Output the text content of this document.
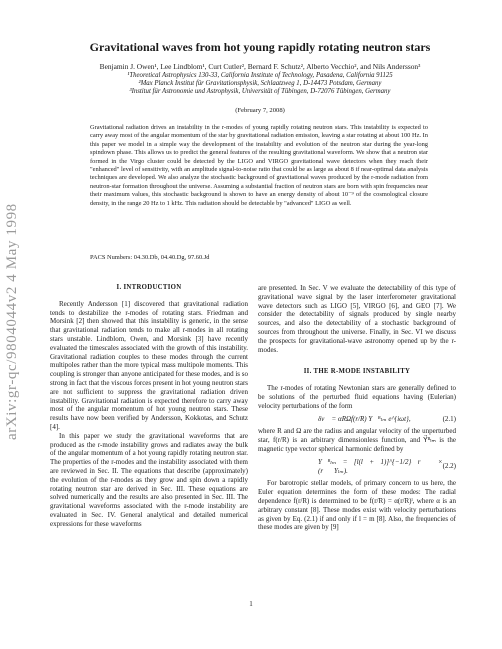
arXiv:gr-qc/9804044v2 4 May 1998
Gravitational waves from hot young rapidly rotating neutron stars
Benjamin J. Owen¹, Lee Lindblom¹, Curt Cutler², Bernard F. Schutz², Alberto Vecchio², and Nils Andersson³
¹Theoretical Astrophysics 130-33, California Institute of Technology, Pasadena, California 91125
²Max Planck Institut für Gravitationsphysik, Schlaatzweg 1, D-14473 Potsdam, Germany
³Institut für Astronomie und Astrophysik, Universität of Tübingen, D-72076 Tübingen, Germany
(February 7, 2008)

Gravitational radiation drives an instability in the r-modes of young rapidly rotating neutron stars. This instability is expected to carry away most of the angular momentum of the star by gravitational radiation emission, leaving a star rotating at about 100 Hz. In this paper we model in a simple way the development of the instability and evolution of the neutron star during the year-long spindown phase. This allows us to predict the general features of the resulting gravitational waveform. We show that a neutron star formed in the Virgo cluster could be detected by the LIGO and VIRGO gravitational wave detectors when they reach their "enhanced" level of sensitivity, with an amplitude signal-to-noise ratio that could be as large as about 8 if near-optimal data analysis techniques are developed. We also analyze the stochastic background of gravitational waves produced by the r-mode radiation from neutron-star formation throughout the universe. Assuming a substantial fraction of neutron stars are born with spin frequencies near their maximum values, this stochastic background is shown to have an energy density of about 10⁻⁹ of the cosmological closure density, in the range 20 Hz to 1 kHz. This radiation should be detectable by "advanced" LIGO as well.

PACS Numbers: 04.30.Db, 04.40.Dg, 97.60.Jd
I. INTRODUCTION

Recently Andersson [1] discovered that gravitational radiation tends to destabilize the r-modes of rotating stars. Friedman and Morsink [2] then showed that this instability is generic, in the sense that gravitational radiation tends to make all r-modes in all rotating stars unstable. Lindblom, Owen, and Morsink [3] have recently evaluated the timescales associated with the growth of this instability. Gravitational radiation couples to these modes through the current multipoles rather than the more typical mass multipole moments. This coupling is stronger than anyone anticipated for these modes, and is so strong in fact that the viscous forces present in hot young neutron stars are not sufficient to suppress the gravitational radiation driven instability. Gravitational radiation is expected therefore to carry away most of the angular momentum of hot young neutron stars. These results have now been verified by Andersson, Kokkotas, and Schutz [4].

In this paper we study the gravitational waveforms that are produced as the r-mode instability grows and radiates away the bulk of the angular momentum of a hot young rapidly rotating neutron star. The properties of the r-modes and the instability associated with them are reviewed in Sec. II. The equations that describe (approximately) the evolution of the r-modes as they grow and spin down a rapidly rotating neutron star are derived in Sec. III. These equations are solved numerically and the results are also presented in Sec. III. The gravitational waveforms associated with the r-mode instability are evaluated in Sec. IV. General analytical and detailed numerical expressions for these waveforms

are presented. In Sec. V we evaluate the detectability of this type of gravitational wave signal by the laser interferometer gravitational wave detectors such as LIGO [5], VIRGO [6], and GEO [7]. We consider the detectability of signals produced by single nearby sources, and also the detectability of a stochastic background of sources from throughout the universe. Finally, in Sec. VI we discuss the prospects for gravitational-wave astronomy opened up by the r-modes.

II. THE R-MODE INSTABILITY

The r-modes of rotating Newtonian stars are generally defined to be solutions of the perturbed fluid equations having (Eulerian) velocity perturbations of the form

δv⃗ = αRΩf(r/R) Y⃗ᴮₗₘ e^{iωt},	(2.1)

where R and Ω are the radius and angular velocity of the unperturbed star, f(r/R) is an arbitrary dimensionless function, and Y⃗ᴮₗₘ is the magnetic type vector spherical harmonic defined by

Y⃗ᴮₗₘ = [l(l + 1)]^{−1/2} r∇⃗ × (r∇⃗Yₗₘ).
(2.2)

For barotropic stellar models, of primary concern to us here, the Euler equation determines the form of these modes: The radial dependence f(r/R) is determined to be f(r/R) = α(r/R)ˡ, where α is an arbitrary constant [8]. These modes exist with velocity perturbations as given by Eq. (2.1) if and only if l = m [8]. Also, the frequencies of these modes are given by [9]

1
